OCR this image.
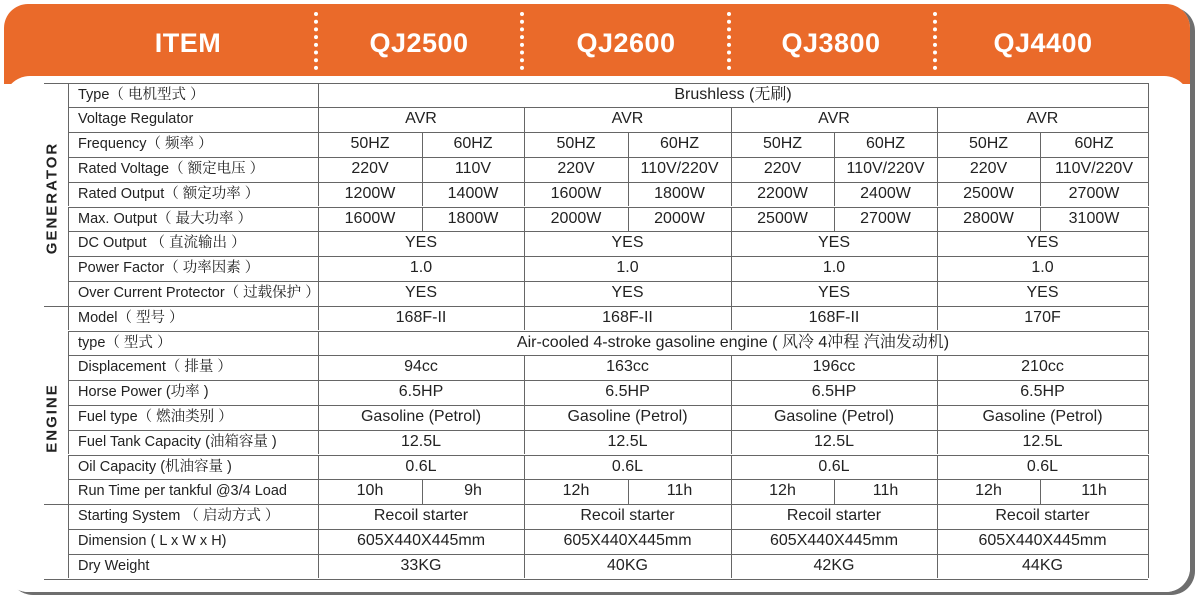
ITEM	QJ2500	QJ2600	QJ3800	QJ4400
GENERATOR
ENGINE
Type（ 电机型式 ）	Brushless (无刷)
Voltage Regulator	AVR	AVR	AVR	AVR
Frequency（ 频率 ）	50HZ	60HZ	50HZ	60HZ	50HZ	60HZ	50HZ	60HZ
Rated Voltage（ 额定电压 ）	220V	110V	220V	110V/220V	220V	110V/220V	220V	110V/220V
Rated Output（ 额定功率 ）	1200W	1400W	1600W	1800W	2200W	2400W	2500W	2700W
Max. Output（ 最大功率 ）	1600W	1800W	2000W	2000W	2500W	2700W	2800W	3100W
DC Output （ 直流输出 ）	YES	YES	YES	YES
Power Factor（ 功率因素 ）	1.0	1.0	1.0	1.0
Over Current Protector（ 过载保护 ）	YES	YES	YES	YES
Model（ 型号 ）	168F-II	168F-II	168F-II	170F
type（ 型式 ）	Air-cooled 4-stroke gasoline engine ( 风冷 4冲程 汽油发动机)
Displacement（ 排量 ）	94cc	163cc	196cc	210cc
Horse Power (功率 )	6.5HP	6.5HP	6.5HP	6.5HP
Fuel type（ 燃油类别 ）	Gasoline (Petrol)	Gasoline (Petrol)	Gasoline (Petrol)	Gasoline (Petrol)
Fuel Tank Capacity (油箱容量 )	12.5L	12.5L	12.5L	12.5L
Oil Capacity (机油容量 )	0.6L	0.6L	0.6L	0.6L
Run Time per tankful @3/4 Load	10h	9h	12h	11h	12h	11h	12h	11h
Starting System （ 启动方式 ）	Recoil starter	Recoil starter	Recoil starter	Recoil starter
Dimension ( L x W x H)	605X440X445mm	605X440X445mm	605X440X445mm	605X440X445mm
Dry Weight	33KG	40KG	42KG	44KG
